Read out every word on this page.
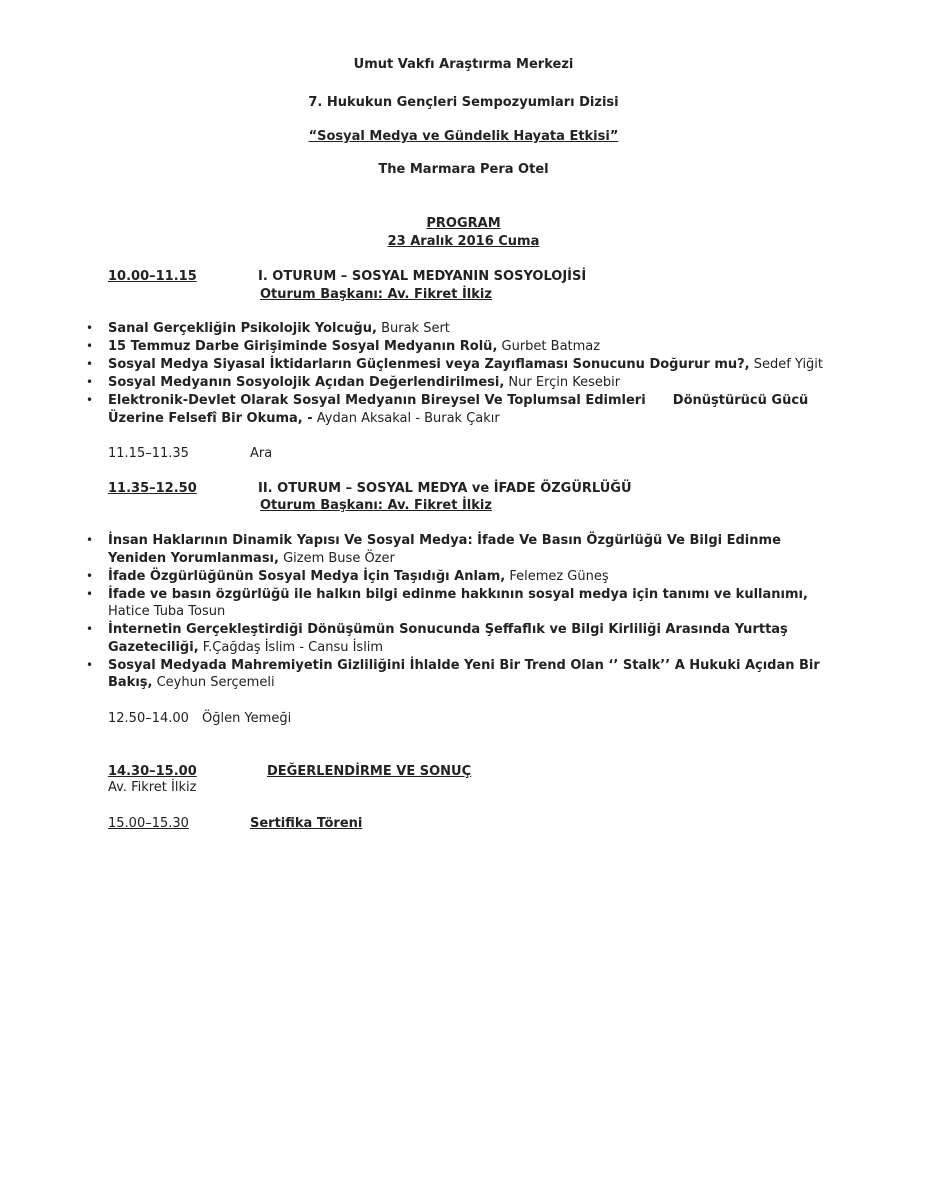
Umut Vakfı Araştırma Merkezi
7. Hukukun Gençleri Sempozyumları Dizisi
“Sosyal Medya ve Gündelik Hayata Etkisi”
The Marmara Pera Otel
PROGRAM
23 Aralık 2016 Cuma
10.00–11.15	I. OTURUM – SOSYAL MEDYANIN SOSYOLOJİSİ
Oturum Başkanı: Av. Fikret İlkiz
• Sanal Gerçekliğin Psikolojik Yolcuğu, Burak Sert
• 15 Temmuz Darbe Girişiminde Sosyal Medyanın Rolü, Gurbet Batmaz
• Sosyal Medya Siyasal İktidarların Güçlenmesi veya Zayıflaması Sonucunu Doğurur mu?, Sedef Yiğit
• Sosyal Medyanın Sosyolojik Açıdan Değerlendirilmesi, Nur Erçin Kesebir
• Elektronik-Devlet Olarak Sosyal Medyanın Bireysel Ve Toplumsal Edimleri      Dönüştürücü Gücü Üzerine Felsefî Bir Okuma, - Aydan Aksakal - Burak Çakır
11.15–11.35	Ara
11.35–12.50	II. OTURUM – SOSYAL MEDYA ve İFADE ÖZGÜRLÜĞÜ
Oturum Başkanı: Av. Fikret İlkiz
• İnsan Haklarının Dinamik Yapısı Ve Sosyal Medya: İfade Ve Basın Özgürlüğü Ve Bilgi Edinme Yeniden Yorumlanması, Gizem Buse Özer
• İfade Özgürlüğünün Sosyal Medya İçin Taşıdığı Anlam, Felemez Güneş
• İfade ve basın özgürlüğü ile halkın bilgi edinme hakkının sosyal medya için tanımı ve kullanımı, Hatice Tuba Tosun
• İnternetin Gerçekleştirdiği Dönüşümün Sonucunda Şeffaflık ve Bilgi Kirliliği Arasında Yurttaş Gazeteciliği, F.Çağdaş İslim - Cansu İslim
• Sosyal Medyada Mahremiyetin Gizliliğini İhlalde Yeni Bir Trend Olan ‘’ Stalk’’ A Hukuki Açıdan Bir Bakış, Ceyhun Serçemeli
12.50–14.00 Öğlen Yemeği
14.30–15.00	DEĞERLENDİRME VE SONUÇ
Av. Fikret İlkiz
15.00–15.30	Sertifika Töreni
